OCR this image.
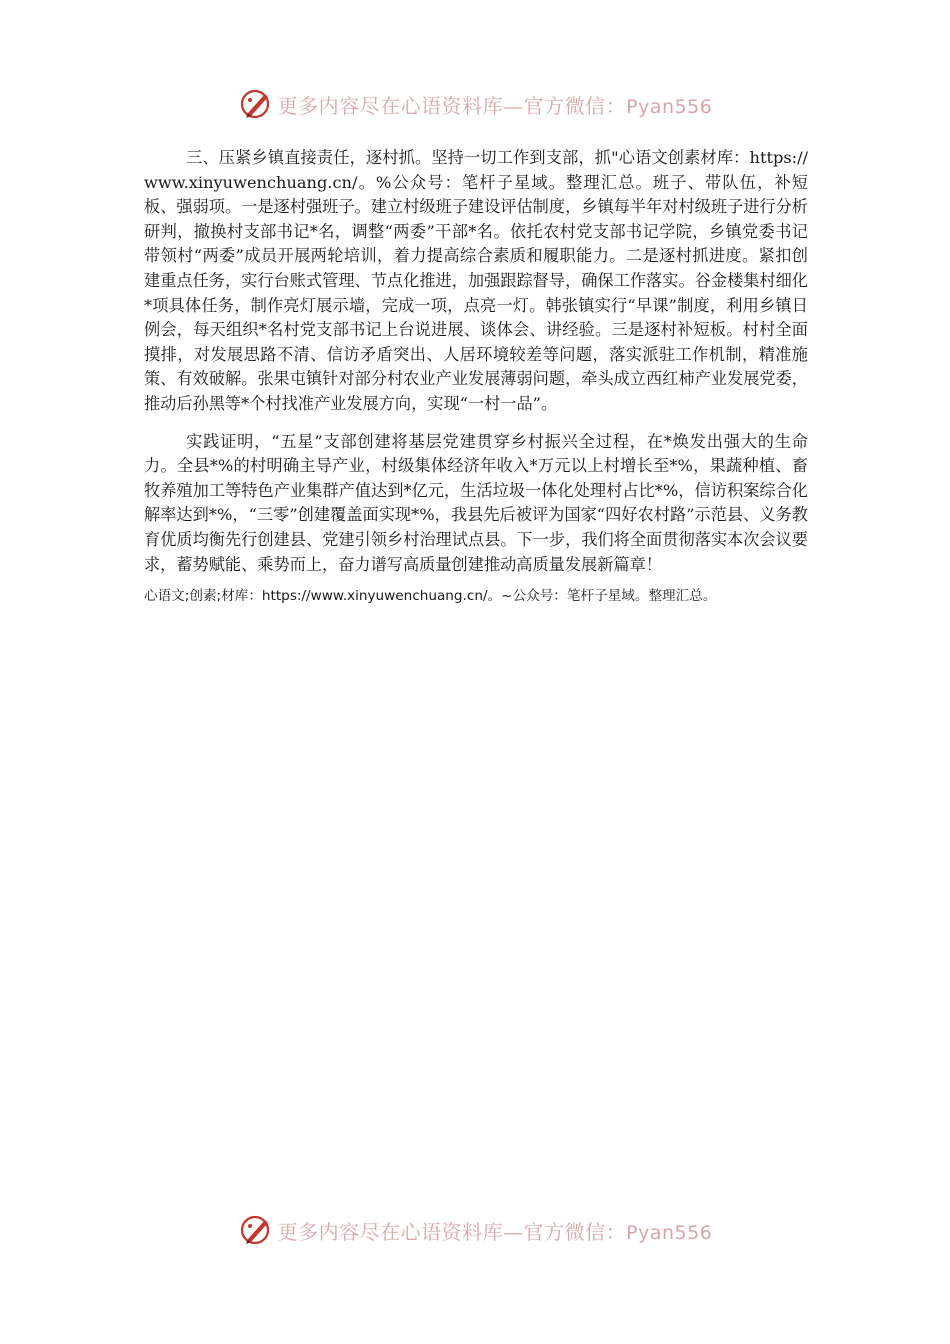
更多内容尽在心语资料库—官方微信：Pyan556

三、压紧乡镇直接责任，逐村抓。坚持一切工作到支部，抓"心语文创素材库：https://www.xinyuwenchuang.cn/。%公众号：笔杆子星域。整理汇总。班子、带队伍，补短板、强弱项。一是逐村强班子。建立村级班子建设评估制度，乡镇每半年对村级班子进行分析研判，撤换村支部书记*名，调整“两委”干部*名。依托农村党支部书记学院，乡镇党委书记带领村“两委”成员开展两轮培训，着力提高综合素质和履职能力。二是逐村抓进度。紧扣创建重点任务，实行台账式管理、节点化推进，加强跟踪督导，确保工作落实。谷金楼集村细化*项具体任务，制作亮灯展示墙，完成一项，点亮一灯。韩张镇实行“早课”制度，利用乡镇日例会，每天组织*名村党支部书记上台说进展、谈体会、讲经验。三是逐村补短板。村村全面摸排，对发展思路不清、信访矛盾突出、人居环境较差等问题，落实派驻工作机制，精准施策、有效破解。张果屯镇针对部分村农业产业发展薄弱问题，牵头成立西红柿产业发展党委，推动后孙黑等*个村找准产业发展方向，实现“一村一品”。

实践证明，“五星”支部创建将基层党建贯穿乡村振兴全过程，在*焕发出强大的生命力。全县*%的村明确主导产业，村级集体经济年收入*万元以上村增长至*%，果蔬种植、畜牧养殖加工等特色产业集群产值达到*亿元，生活垃圾一体化处理村占比*%，信访积案综合化解率达到*%，“三零”创建覆盖面实现*%，我县先后被评为国家“四好农村路”示范县、义务教育优质均衡先行创建县、党建引领乡村治理试点县。下一步，我们将全面贯彻落实本次会议要求，蓄势赋能、乘势而上，奋力谱写高质量创建推动高质量发展新篇章！

心语文;创素;材库：https://www.xinyuwenchuang.cn/。~公众号：笔杆子星域。整理汇总。

更多内容尽在心语资料库—官方微信：Pyan556
